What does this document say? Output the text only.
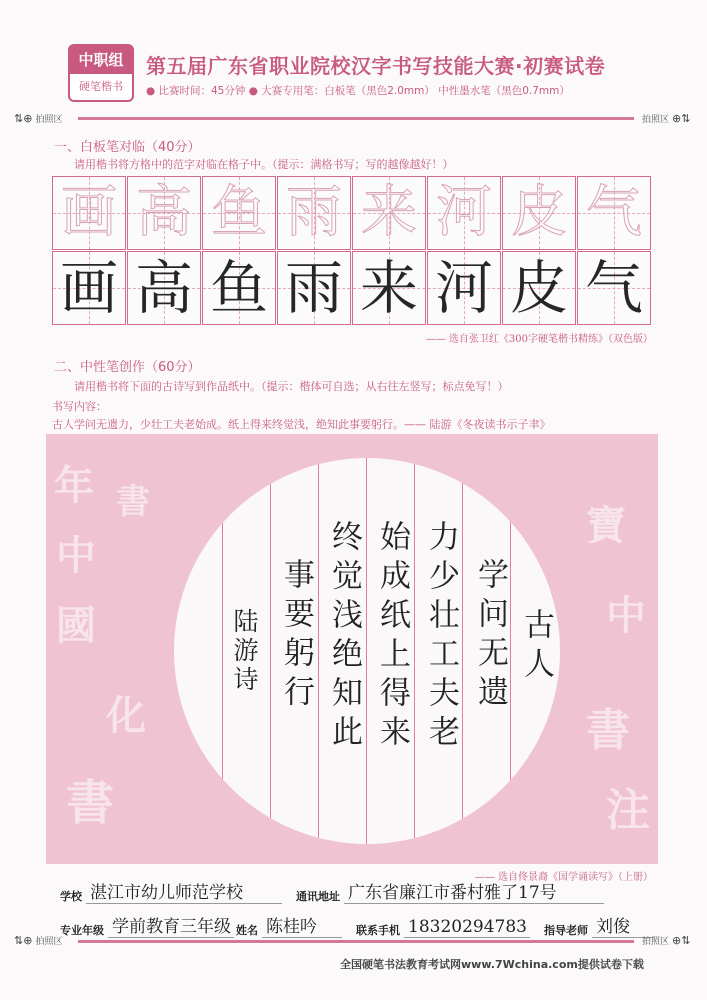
中职组
硬笔楷书
第五届广东省职业院校汉字书写技能大赛·初赛试卷
● 比赛时间：45分钟 ● 大赛专用笔：白板笔（黑色2.0mm） 中性墨水笔（黑色0.7mm）
⇅⊕ 拍照区	拍照区 ⊕⇅
一、白板笔对临（40分）
请用楷书将方格中的范字对临在格子中。（提示：满格书写；写的越像越好！）
画 高 鱼 雨 来 河 皮 气
画 高 鱼 雨 来 河 皮 气
—— 选自张卫红《300字硬笔楷书精练》（双色版）
二、中性笔创作（60分）
请用楷书将下面的古诗写到作品纸中。（提示：楷体可自选；从右往左竖写；标点免写！）
书写内容：
古人学问无遗力，少壮工夫老始成。纸上得来终觉浅，绝知此事要躬行。—— 陆游《冬夜读书示子聿》
年
中
國
書
化
書
寶
中
書
注
古人
学问无遗
力少壮工夫老
始成纸上得来
终觉浅绝知此
事要躬行
陆游诗
—— 选自佟景裔《国学诵读写》（上册）
学校 湛江市幼儿师范学校	通讯地址 广东省廉江市番村雅了17号
专业年级 学前教育三年级 姓名 陈桂吟	联系手机 18320294783 指导老师 刘俊
⇅⊕ 拍照区	拍照区 ⊕⇅
全国硬笔书法教育考试网www.7Wchina.com提供试卷下载
